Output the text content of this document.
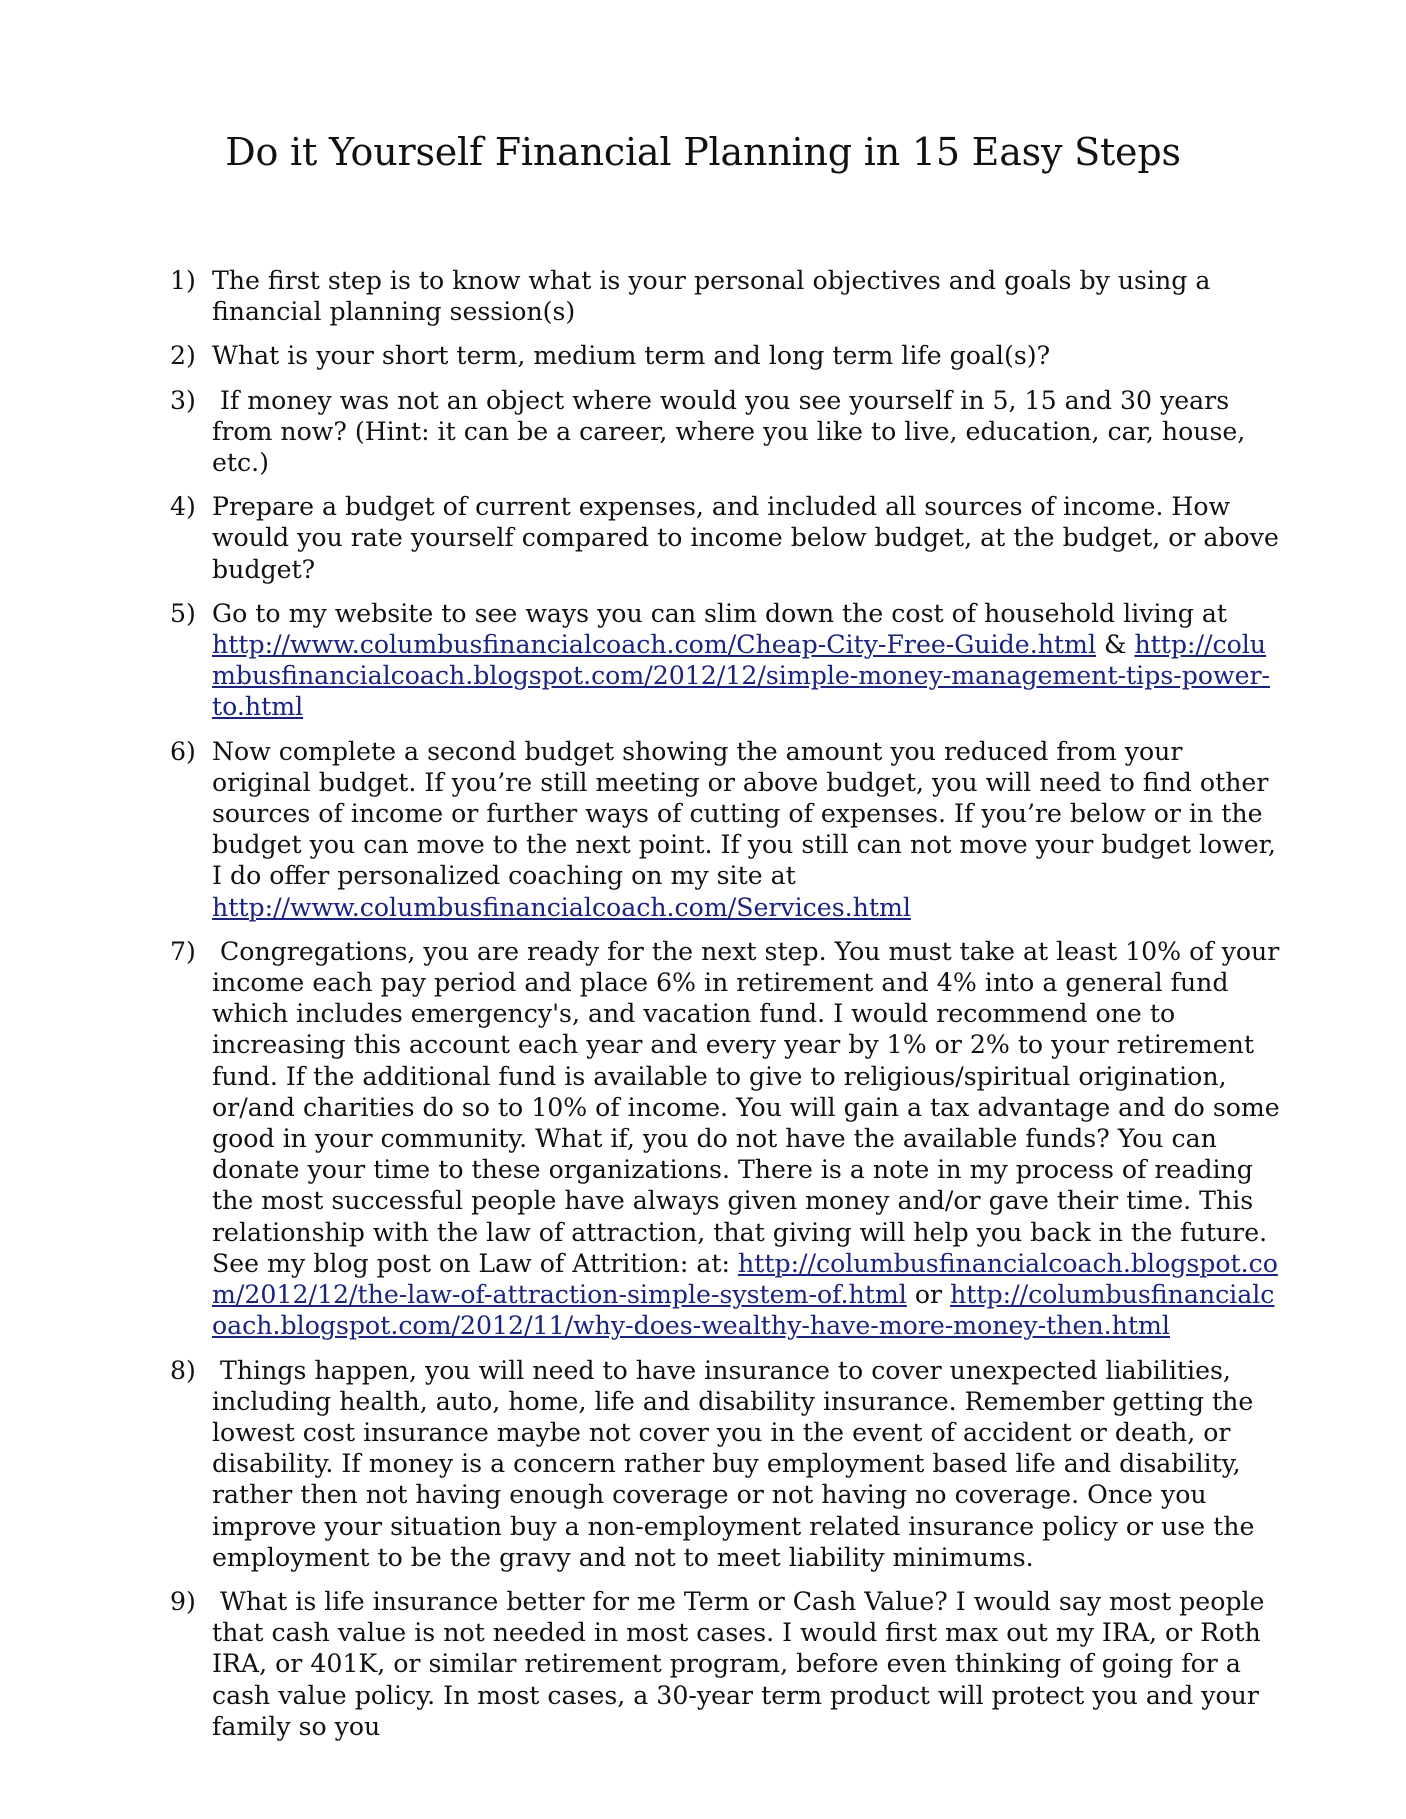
Do it Yourself Financial Planning in 15 Easy Steps
1) The first step is to know what is your personal objectives and goals by using a financial planning session(s)
2) What is your short term, medium term and long term life goal(s)?
3) If money was not an object where would you see yourself in 5, 15 and 30 years from now? (Hint: it can be a career, where you like to live, education, car, house, etc.)
4) Prepare a budget of current expenses, and included all sources of income. How would you rate yourself compared to income below budget, at the budget, or above budget?
5) Go to my website to see ways you can slim down the cost of household living at http://www.columbusfinancialcoach.com/Cheap-City-Free-Guide.html & http://columbusfinancialcoach.blogspot.com/2012/12/simple-money-management-tips-power-to.html
6) Now complete a second budget showing the amount you reduced from your original budget. If you’re still meeting or above budget, you will need to find other sources of income or further ways of cutting of expenses. If you’re below or in the budget you can move to the next point. If you still can not move your budget lower, I do offer personalized coaching on my site at http://www.columbusfinancialcoach.com/Services.html
7) Congregations, you are ready for the next step. You must take at least 10% of your income each pay period and place 6% in retirement and 4% into a general fund which includes emergency's, and vacation fund. I would recommend one to increasing this account each year and every year by 1% or 2% to your retirement fund. If the additional fund is available to give to religious/spiritual origination, or/and charities do so to 10% of income. You will gain a tax advantage and do some good in your community. What if, you do not have the available funds? You can donate your time to these organizations. There is a note in my process of reading the most successful people have always given money and/or gave their time. This relationship with the law of attraction, that giving will help you back in the future. See my blog post on Law of Attrition: at: http://columbusfinancialcoach.blogspot.com/2012/12/the-law-of-attraction-simple-system-of.html or http://columbusfinancialcoach.blogspot.com/2012/11/why-does-wealthy-have-more-money-then.html
8) Things happen, you will need to have insurance to cover unexpected liabilities, including health, auto, home, life and disability insurance. Remember getting the lowest cost insurance maybe not cover you in the event of accident or death, or disability. If money is a concern rather buy employment based life and disability, rather then not having enough coverage or not having no coverage. Once you improve your situation buy a non-employment related insurance policy or use the employment to be the gravy and not to meet liability minimums.
9) What is life insurance better for me Term or Cash Value? I would say most people that cash value is not needed in most cases. I would first max out my IRA, or Roth IRA, or 401K, or similar retirement program, before even thinking of going for a cash value policy. In most cases, a 30-year term product will protect you and your family so you
